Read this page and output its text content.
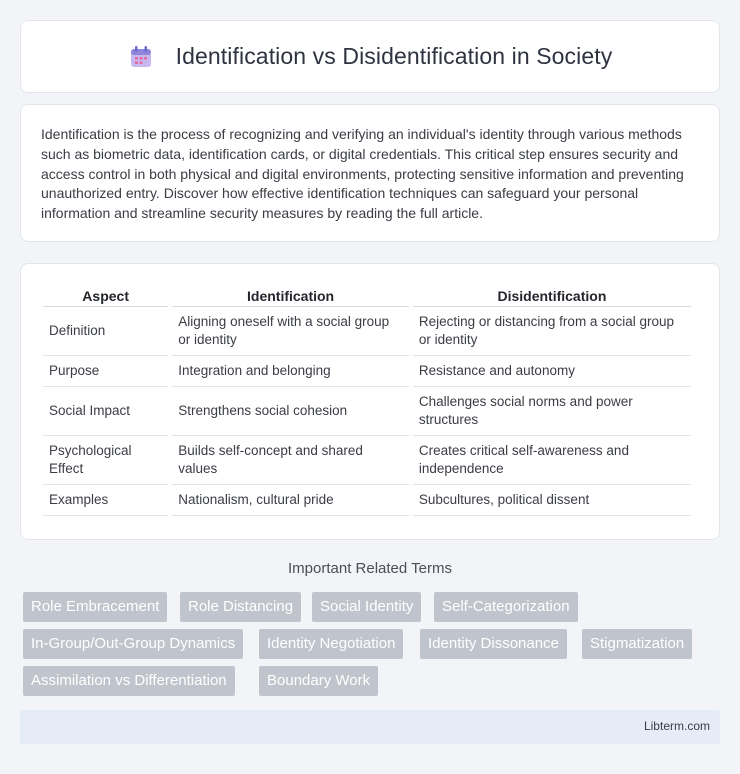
Identification vs Disidentification in Society

Identification is the process of recognizing and verifying an individual's identity through various methods such as biometric data, identification cards, or digital credentials. This critical step ensures security and access control in both physical and digital environments, protecting sensitive information and preventing unauthorized entry. Discover how effective identification techniques can safeguard your personal information and streamline security measures by reading the full article.

Aspect	Identification	Disidentification
Definition	Aligning oneself with a social group or identity	Rejecting or distancing from a social group or identity
Purpose	Integration and belonging	Resistance and autonomy
Social Impact	Strengthens social cohesion	Challenges social norms and power structures
Psychological Effect	Builds self-concept and shared values	Creates critical self-awareness and independence
Examples	Nationalism, cultural pride	Subcultures, political dissent
Important Related Terms
Role Embracement	Role Distancing	Social Identity	Self-Categorization
In-Group/Out-Group Dynamics	Identity Negotiation	Identity Dissonance	Stigmatization
Assimilation vs Differentiation	Boundary Work
Libterm.com
